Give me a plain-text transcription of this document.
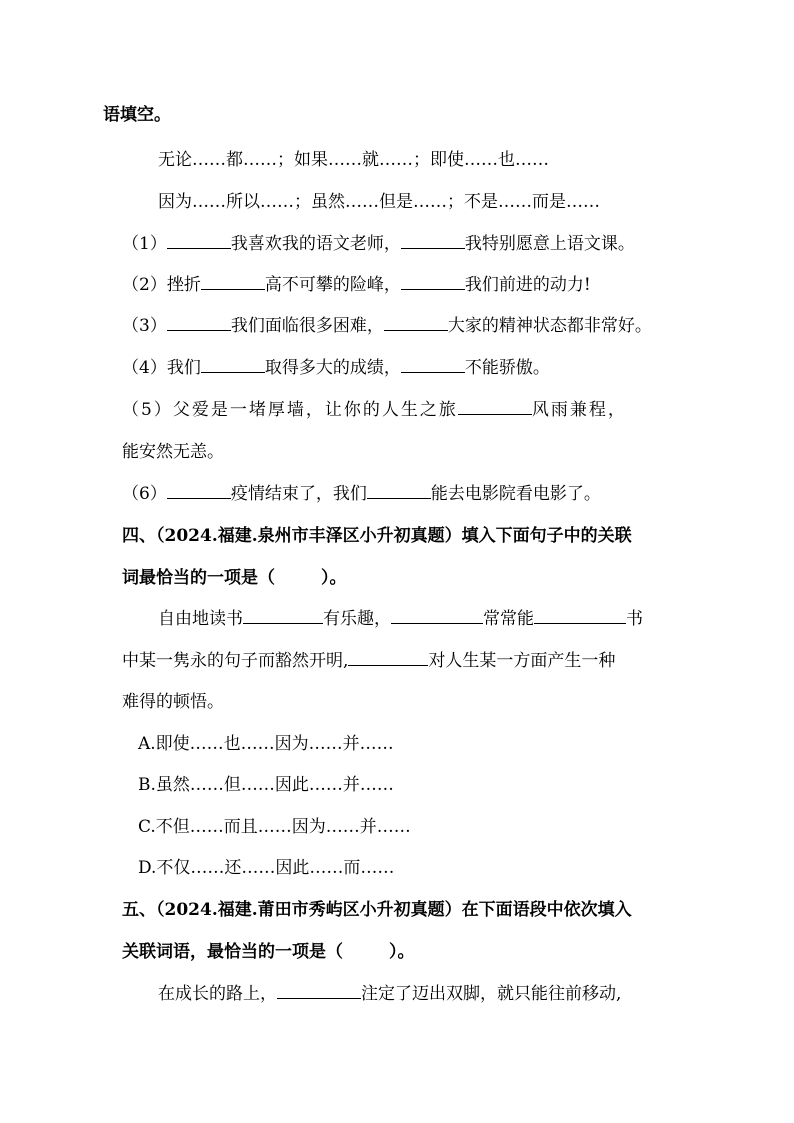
语填空。
无论……都……；如果……就……；即使……也……
因为……所以……；虽然……但是……；不是……而是……
（1）	我喜欢我的语文老师，	我特别愿意上语文课。
（2）挫折	高不可攀的险峰，	我们前进的动力!
（3）	我们面临很多困难，	大家的精神状态都非常好。
（4）我们	取得多大的成绩，	不能骄傲。
（5）父爱是一堵厚墙，让你的人生之旅	风雨兼程，
能安然无恙。
（6）	疫情结束了，我们	能去电影院看电影了。
四、（2024.福建.泉州市丰泽区小升初真题）填入下面句子中的关联
词最恰当的一项是（	）。
自由地读书	有乐趣，	常常能	书
中某一隽永的句子而豁然开明,	对人生某一方面产生一种
难得的顿悟。
A.即使……也……因为……并……
B.虽然……但……因此……并……
C.不但……而且……因为……并……
D.不仅……还……因此……而……
五、（2024.福建.莆田市秀屿区小升初真题）在下面语段中依次填入
关联词语，最恰当的一项是（	）。
在成长的路上，	注定了迈出双脚，就只能往前移动,
